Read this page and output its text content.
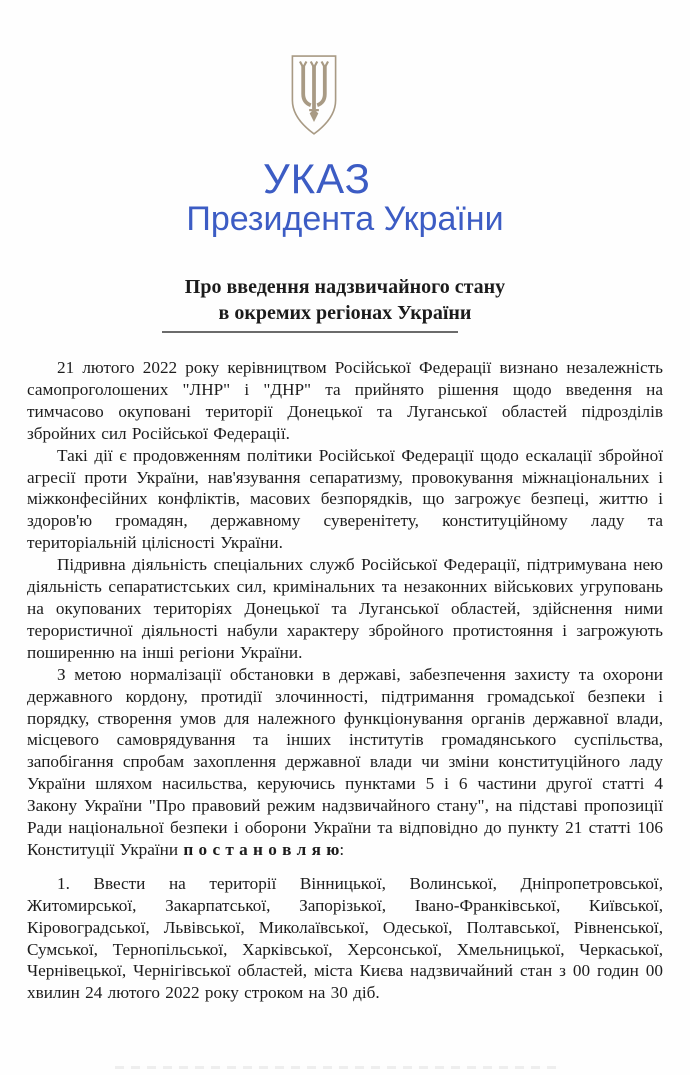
УКАЗ
Президента України
Про введення надзвичайного стану
в окремих регіонах України

21 лютого 2022 року керівництвом Російської Федерації визнано незалежність самопроголошених "ЛНР" і "ДНР" та прийнято рішення щодо введення на тимчасово окуповані території Донецької та Луганської областей підрозділів збройних сил Російської Федерації.

Такі дії є продовженням політики Російської Федерації щодо ескалації збройної агресії проти України, нав'язування сепаратизму, провокування міжнаціональних і міжконфесійних конфліктів, масових безпорядків, що загрожує безпеці, життю і здоров'ю громадян, державному суверенітету, конституційному ладу та територіальній цілісності України.

Підривна діяльність спеціальних служб Російської Федерації, підтримувана нею діяльність сепаратистських сил, кримінальних та незаконних військових угруповань на окупованих територіях Донецької та Луганської областей, здійснення ними терористичної діяльності набули характеру збройного протистояння і загрожують поширенню на інші регіони України.

З метою нормалізації обстановки в державі, забезпечення захисту та охорони державного кордону, протидії злочинності, підтримання громадської безпеки і порядку, створення умов для належного функціонування органів державної влади, місцевого самоврядування та інших інститутів громадянського суспільства, запобігання спробам захоплення державної влади чи зміни конституційного ладу України шляхом насильства, керуючись пунктами 5 і 6 частини другої статті 4 Закону України "Про правовий режим надзвичайного стану", на підставі пропозиції Ради національної безпеки і оборони України та відповідно до пункту 21 статті 106 Конституції України п о с т а н о в л я ю:

1. Ввести на території Вінницької, Волинської, Дніпропетровської, Житомирської, Закарпатської, Запорізької, Івано-Франківської, Київської, Кіровоградської, Львівської, Миколаївської, Одеської, Полтавської, Рівненської, Сумської, Тернопільської, Харківської, Херсонської, Хмельницької, Черкаської, Чернівецької, Чернігівської областей, міста Києва надзвичайний стан з 00 годин 00 хвилин 24 лютого 2022 року строком на 30 діб.
